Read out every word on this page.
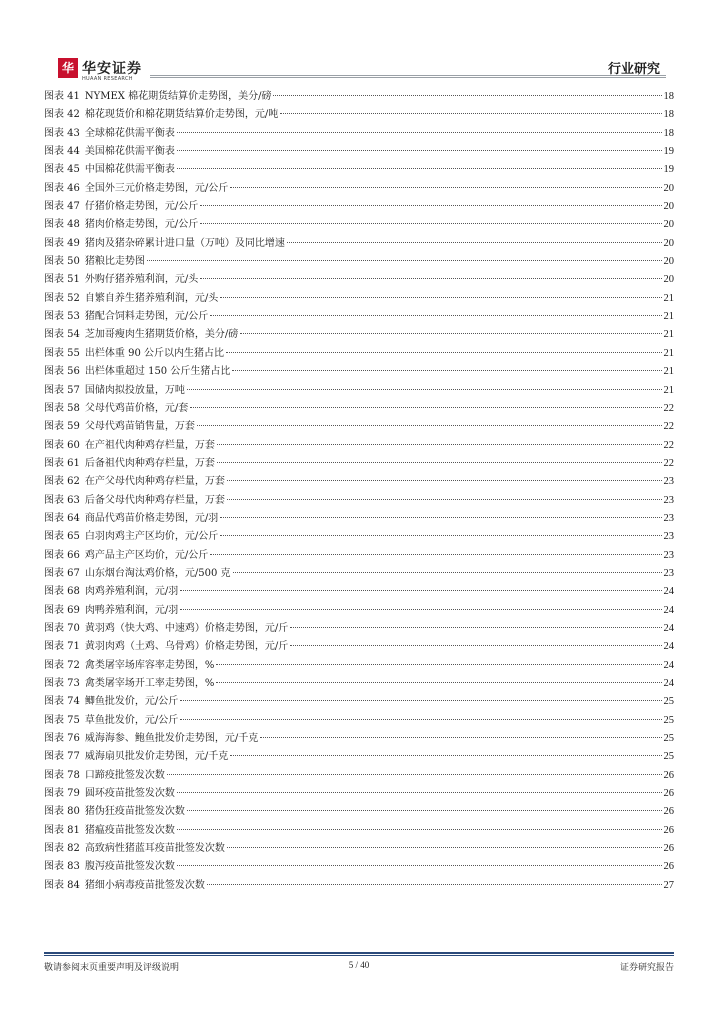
华 华安证券
HUAAN RESEARCH
行业研究
图表 41 NYMEX 棉花期货结算价走势图，美分/磅	18
图表 42 棉花现货价和棉花期货结算价走势图，元/吨	18
图表 43 全球棉花供需平衡表	18
图表 44 美国棉花供需平衡表	19
图表 45 中国棉花供需平衡表	19
图表 46 全国外三元价格走势图，元/公斤	20
图表 47 仔猪价格走势图，元/公斤	20
图表 48 猪肉价格走势图，元/公斤	20
图表 49 猪肉及猪杂碎累计进口量（万吨）及同比增速	20
图表 50 猪粮比走势图	20
图表 51 外购仔猪养殖利润，元/头	20
图表 52 自繁自养生猪养殖利润，元/头	21
图表 53 猪配合饲料走势图，元/公斤	21
图表 54 芝加哥瘦肉生猪期货价格，美分/磅	21
图表 55 出栏体重 90 公斤以内生猪占比	21
图表 56 出栏体重超过 150 公斤生猪占比	21
图表 57 国储肉拟投放量，万吨	21
图表 58 父母代鸡苗价格，元/套	22
图表 59 父母代鸡苗销售量，万套	22
图表 60 在产祖代肉种鸡存栏量，万套	22
图表 61 后备祖代肉种鸡存栏量，万套	22
图表 62 在产父母代肉种鸡存栏量，万套	23
图表 63 后备父母代肉种鸡存栏量，万套	23
图表 64 商品代鸡苗价格走势图，元/羽	23
图表 65 白羽肉鸡主产区均价，元/公斤	23
图表 66 鸡产品主产区均价，元/公斤	23
图表 67 山东烟台淘汰鸡价格，元/500 克	23
图表 68 肉鸡养殖利润，元/羽	24
图表 69 肉鸭养殖利润，元/羽	24
图表 70 黄羽鸡（快大鸡、中速鸡）价格走势图，元/斤	24
图表 71 黄羽肉鸡（土鸡、乌骨鸡）价格走势图，元/斤	24
图表 72 禽类屠宰场库容率走势图，%	24
图表 73 禽类屠宰场开工率走势图，%	24
图表 74 鲫鱼批发价，元/公斤	25
图表 75 草鱼批发价，元/公斤	25
图表 76 威海海参、鲍鱼批发价走势图，元/千克	25
图表 77 威海扇贝批发价走势图，元/千克	25
图表 78 口蹄疫批签发次数	26
图表 79 圆环疫苗批签发次数	26
图表 80 猪伪狂疫苗批签发次数	26
图表 81 猪瘟疫苗批签发次数	26
图表 82 高致病性猪蓝耳疫苗批签发次数	26
图表 83 腹泻疫苗批签发次数	26
图表 84 猪细小病毒疫苗批签发次数	27
敬请参阅末页重要声明及评级说明	5 / 40	证券研究报告
